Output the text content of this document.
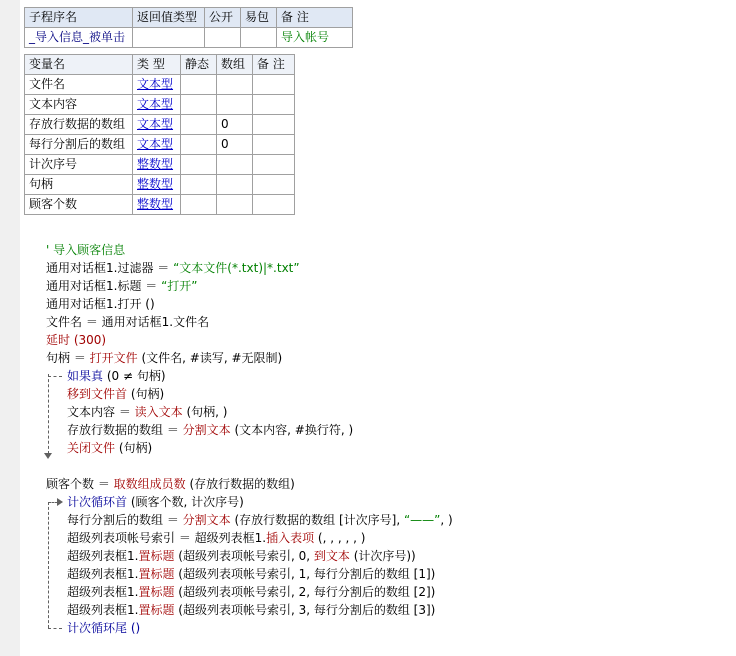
子程序名	返回值类型	公开	易包	备 注
_导入信息_被单击				导入帐号
变量名	类 型	静态	数组	备 注
文件名	文本型			
文本内容	文本型			
存放行数据的数组	文本型		0	
每行分割后的数组	文本型		0	
计次序号	整数型			
句柄	整数型			
顾客个数	整数型			
' 导入顾客信息
通用对话框1.过滤器 ＝ “文本文件(*.txt)|*.txt”
通用对话框1.标题 ＝ “打开”
通用对话框1.打开 ()
文件名 ＝ 通用对话框1.文件名
延时 (300)
句柄 ＝ 打开文件 (文件名, #读写, #无限制)
如果真 (0 ≠ 句柄)
移到文件首 (句柄)
文本内容 ＝ 读入文本 (句柄, )
存放行数据的数组 ＝ 分割文本 (文本内容, #换行符, )
关闭文件 (句柄)
顾客个数 ＝ 取数组成员数 (存放行数据的数组)
计次循环首 (顾客个数, 计次序号)
每行分割后的数组 ＝ 分割文本 (存放行数据的数组 [计次序号], “——”, )
超级列表项帐号索引 ＝ 超级列表框1.插入表项 (, , , , , )
超级列表框1.置标题 (超级列表项帐号索引, 0, 到文本 (计次序号))
超级列表框1.置标题 (超级列表项帐号索引, 1, 每行分割后的数组 [1])
超级列表框1.置标题 (超级列表项帐号索引, 2, 每行分割后的数组 [2])
超级列表框1.置标题 (超级列表项帐号索引, 3, 每行分割后的数组 [3])
计次循环尾 ()
